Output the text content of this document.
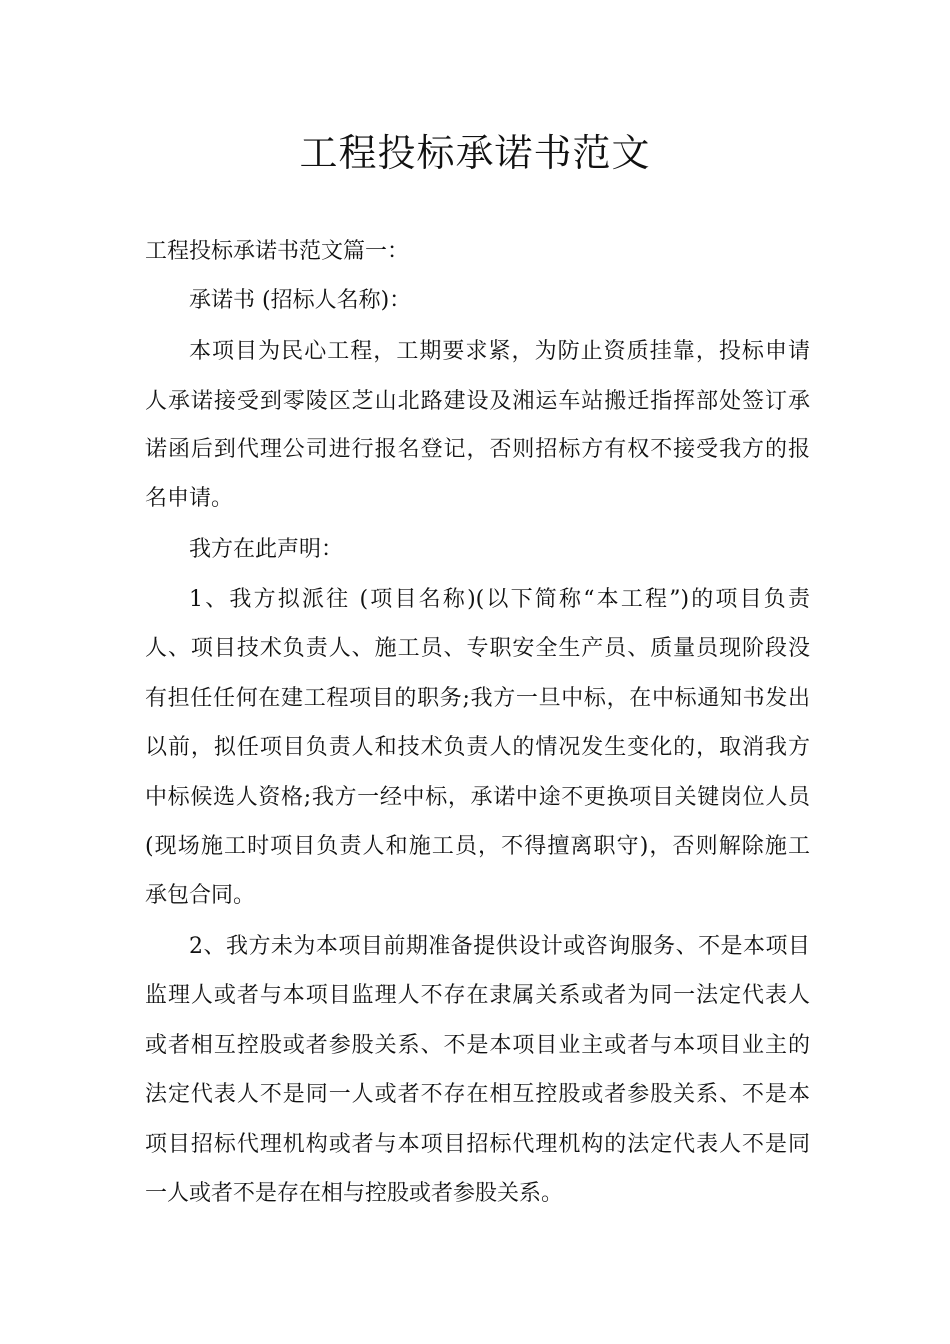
工程投标承诺书范文

工程投标承诺书范文篇一：

承诺书 (招标人名称)：

本项目为民心工程，工期要求紧，为防止资质挂靠，投标申请

人承诺接受到零陵区芝山北路建设及湘运车站搬迁指挥部处签订承

诺函后到代理公司进行报名登记，否则招标方有权不接受我方的报

名申请。

我方在此声明：

1、我方拟派往 (项目名称)(以下简称“本工程”)的项目负责

人、项目技术负责人、施工员、专职安全生产员、质量员现阶段没

有担任任何在建工程项目的职务;我方一旦中标，在中标通知书发出

以前，拟任项目负责人和技术负责人的情况发生变化的，取消我方

中标候选人资格;我方一经中标，承诺中途不更换项目关键岗位人员

(现场施工时项目负责人和施工员，不得擅离职守)，否则解除施工

承包合同。

2、我方未为本项目前期准备提供设计或咨询服务、不是本项目

监理人或者与本项目监理人不存在隶属关系或者为同一法定代表人

或者相互控股或者参股关系、不是本项目业主或者与本项目业主的

法定代表人不是同一人或者不存在相互控股或者参股关系、不是本

项目招标代理机构或者与本项目招标代理机构的法定代表人不是同

一人或者不是存在相与控股或者参股关系。
